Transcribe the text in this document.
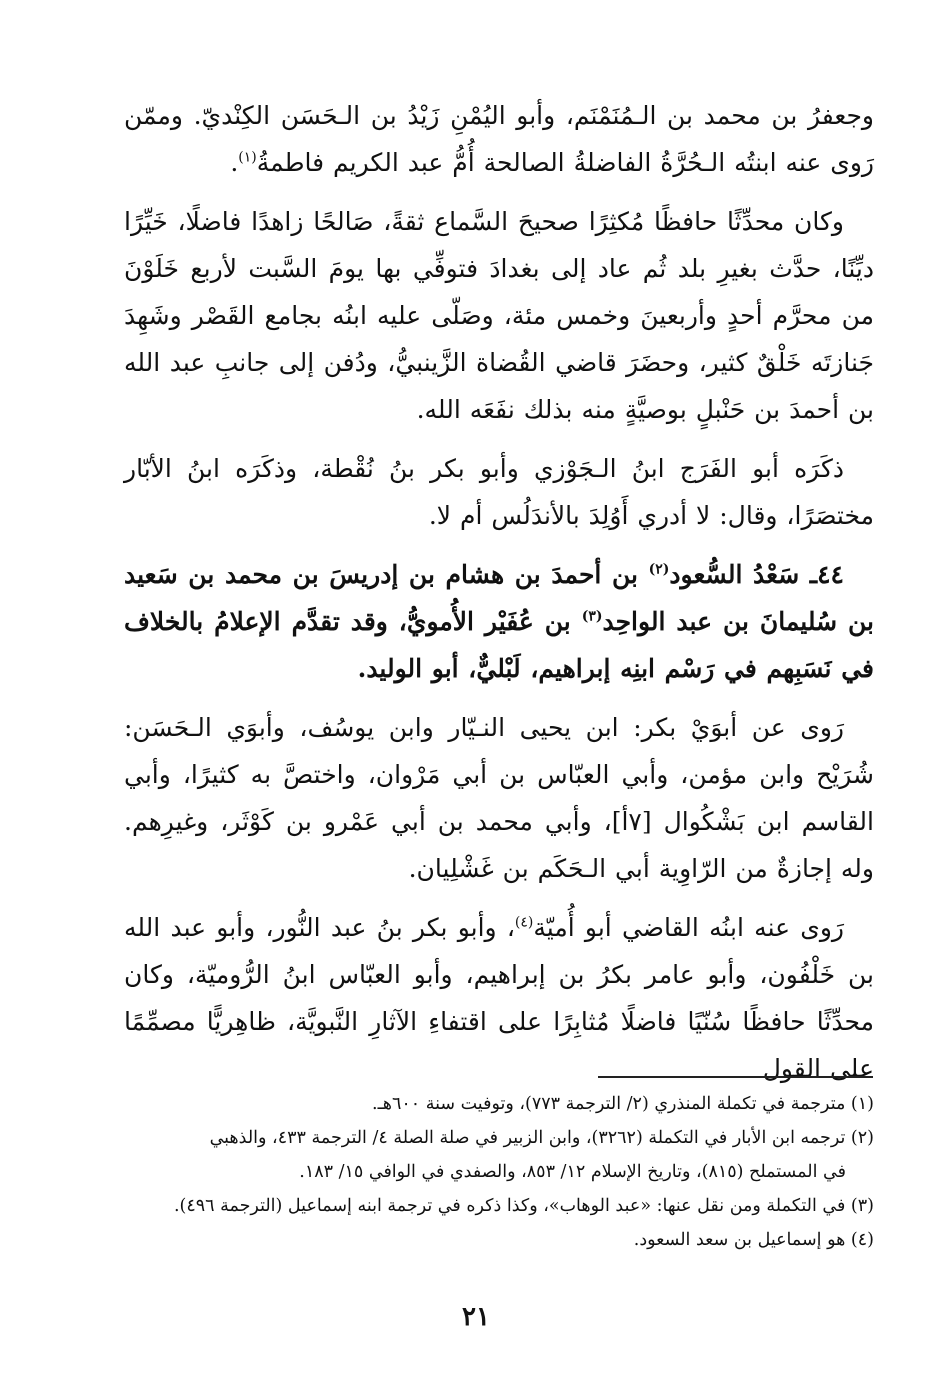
وجعفرُ بن محمد بن الـمُنَمْنَم، وأبو اليُمْنِ زَيْدُ بن الـحَسَن الكِنْديّ. وممّن رَوى عنه ابنتُه الـحُرَّةُ الفاضلةُ الصالحة أُمُّ عبد الكريم فاطمةُ$^{(١)}$.

وكان محدِّثًا حافظًا مُكثِرًا صحيحَ السَّماع ثقةً، صَالحًا زاهدًا فاضلًا، خَيِّرًا ديِّنًا، حدَّث بغيرِ بلد ثُم عاد إلى بغدادَ فتوفِّي بها يومَ السَّبت لأربع خَلَوْنَ من محرَّم أحدٍ وأربعينَ وخمس مئة، وصَلّى عليه ابنُه بجامع القَصْر وشَهِدَ جَنازتَه خَلْقٌ كثير، وحضَرَ قاضي القُضاة الزَّينبيُّ، ودُفن إلى جانبِ عبد الله بن أحمدَ بن حَنْبلٍ بوصيَّةٍ منه بذلك نفَعَه الله.

ذكَرَه أبو الفَرَج ابنُ الـجَوْزي وأبو بكر بنُ نُقْطة، وذكَرَه ابنُ الأبّار مختصَرًا، وقال: لا أدري أَوُلِدَ بالأندَلُس أم لا.

٤٤ـ سَعْدُ السُّعود$^{(٢)}$ بن أحمدَ بن هشام بن إدريسَ بن محمد بن سَعيد بن سُليمانَ بن عبد الواحِد$^{(٣)}$ بن عُفَيْر الأُمويُّ، وقد تقدَّم الإعلامُ بالخلاف في نَسَبِهم في رَسْم ابنِه إبراهيم، لَبْليٌّ، أبو الوليد.

رَوى عن أبوَيْ بكر: ابن يحيى النـيّار وابن يوسُف، وأبوَي الـحَسَن: شُرَيْح وابن مؤمن، وأبي العبّاس بن أبي مَرْوان، واختصَّ به كثيرًا، وأبي القاسم ابن بَشْكُوال [٧أ]، وأبي محمد بن أبي عَمْرو بن كَوْثَر، وغيرِهم. وله إجازةٌ من الرّاوِية أبي الـحَكَم بن غَشْلِيان.

رَوى عنه ابنُه القاضي أبو أُميّة$^{(٤)}$، وأبو بكر بنُ عبد النُّور، وأبو عبد الله بن خَلْفُون، وأبو عامر بكرُ بن إبراهيم، وأبو العبّاس ابنُ الرُّوميّة، وكان محدِّثًا حافظًا سُنّيًا فاضلًا مُثابِرًا على اقتفاءِ الآثارِ النَّبويَّة، ظاهِريًّا مصمِّمًا على القول

(١) مترجمة في تكملة المنذري (٢/ الترجمة ٧٧٣)، وتوفيت سنة ٦٠٠هـ.

(٢) ترجمه ابن الأبار في التكملة (٣٢٦٢)، وابن الزبير في صلة الصلة ٤/ الترجمة ٤٣٣، والذهبي

في المستملح (٨١٥)، وتاريخ الإسلام ١٢/ ٨٥٣، والصفدي في الوافي ١٥/ ١٨٣.

(٣) في التكملة ومن نقل عنها: «عبد الوهاب»، وكذا ذكره في ترجمة ابنه إسماعيل (الترجمة ٤٩٦).

(٤) هو إسماعيل بن سعد السعود.

٢١
